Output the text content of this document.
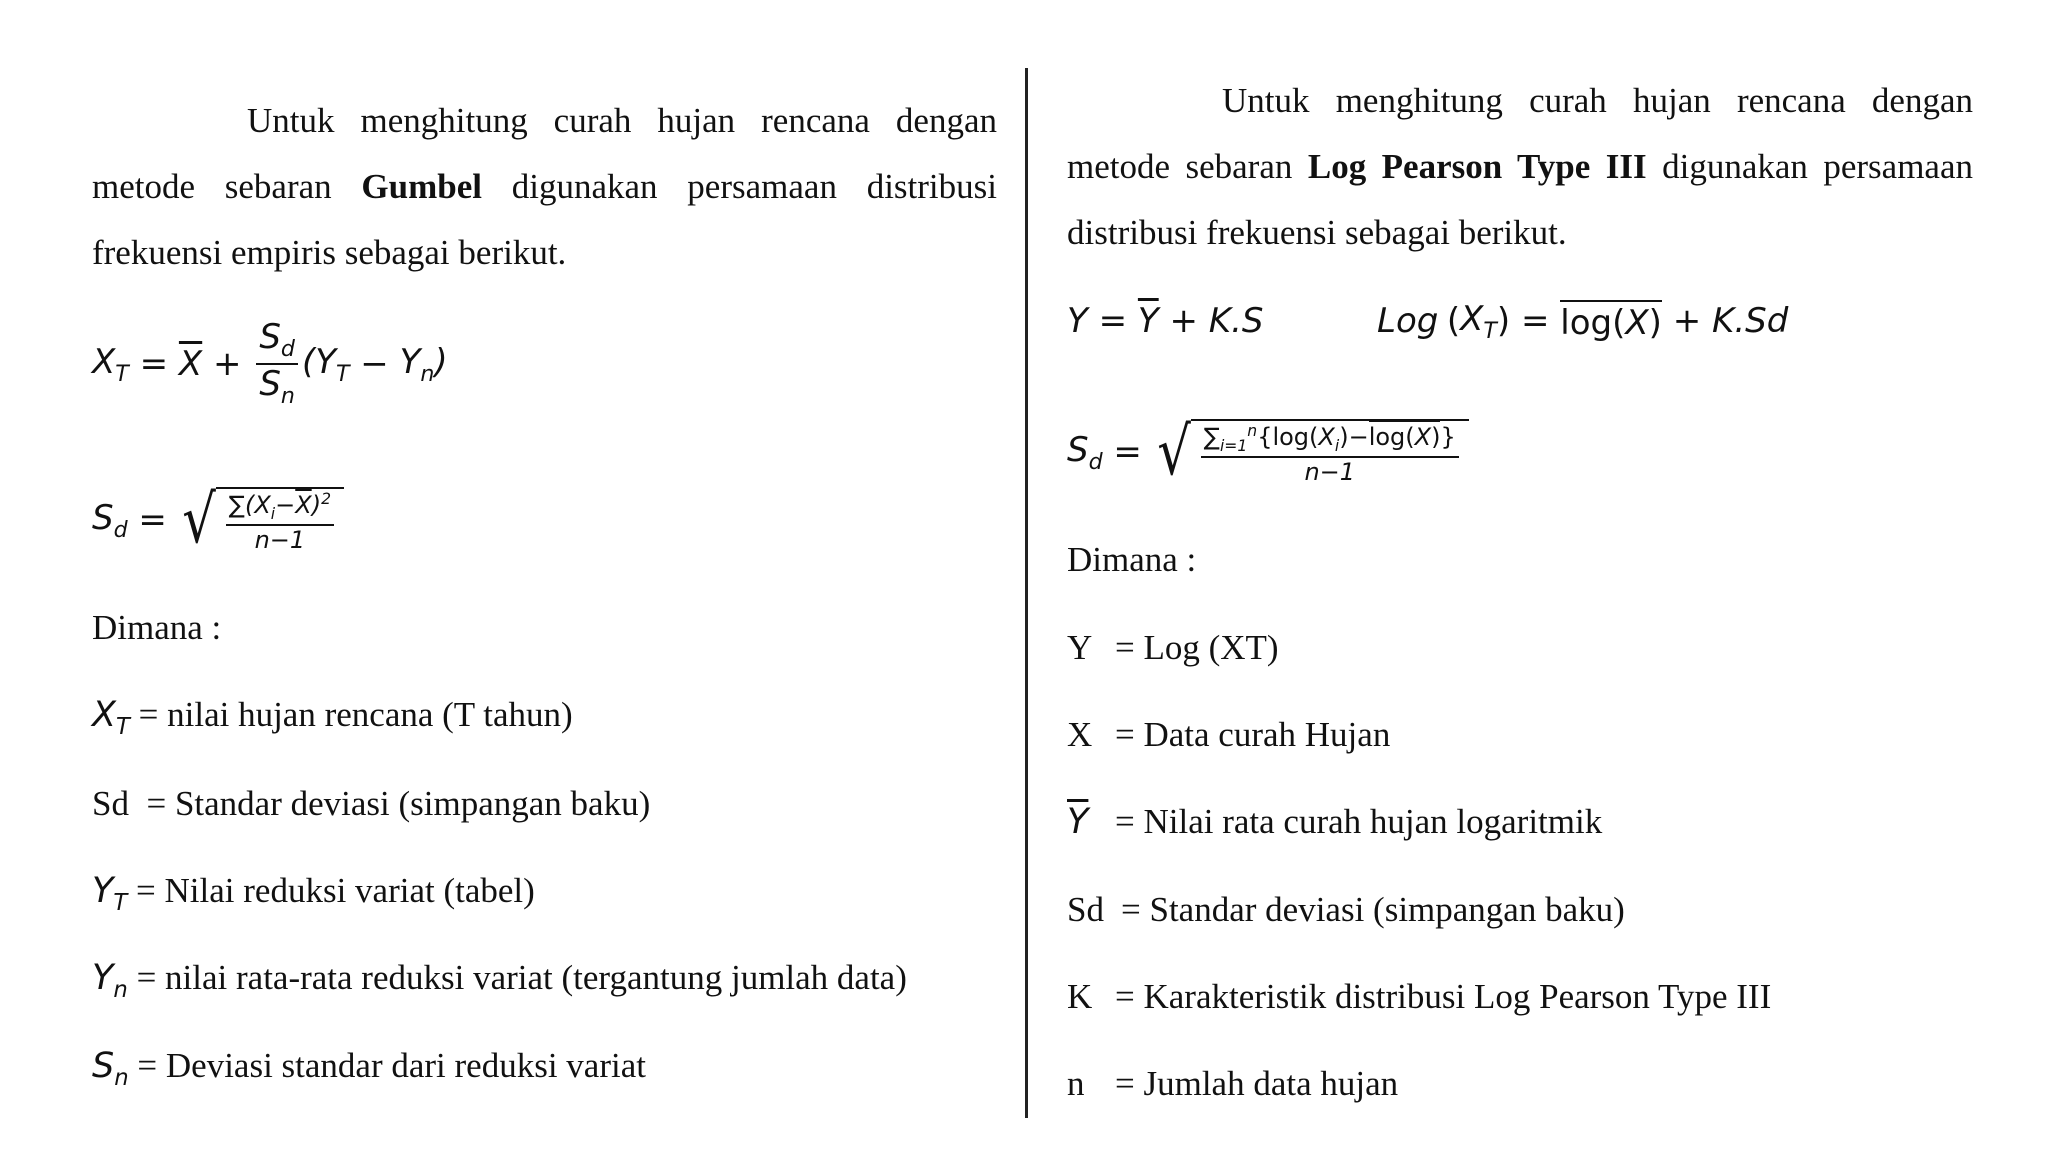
Untuk menghitung curah hujan rencana dengan metode sebaran Gumbel digunakan persamaan distribusi frekuensi empiris sebagai berikut.

$X_T = \overline{X} + \frac{S_d}{S_n} (Y_T - Y_n)$
$S_d$ = √ $\frac{\sum(X_i-\overline{X})^2}{n-1}$
Dimana :
$X_T$ = nilai hujan rencana (T tahun)
Sd = Standar deviasi (simpangan baku)
$Y_T$ = Nilai reduksi variat (tabel)
$Y_n$ = nilai rata-rata reduksi variat (tergantung jumlah data)
$S_n$ = Deviasi standar dari reduksi variat

Untuk menghitung curah hujan rencana dengan metode sebaran Log Pearson Type III digunakan persamaan distribusi frekuensi sebagai berikut.

$Y = \overline{Y} + K.S$	Log
( $X_T$ ) = log(X) + K.Sd
$S_d$ = √ $\frac{\sum_{i=1}^n\{\log(X_i)-\log(X)\}}{n-1}$
Dimana :
Y = Log (XT)
X = Data curah Hujan
$\overline{Y}$ = Nilai rata curah hujan logaritmik
Sd = Standar deviasi (simpangan baku)
K = Karakteristik distribusi Log Pearson Type III
n = Jumlah data hujan
